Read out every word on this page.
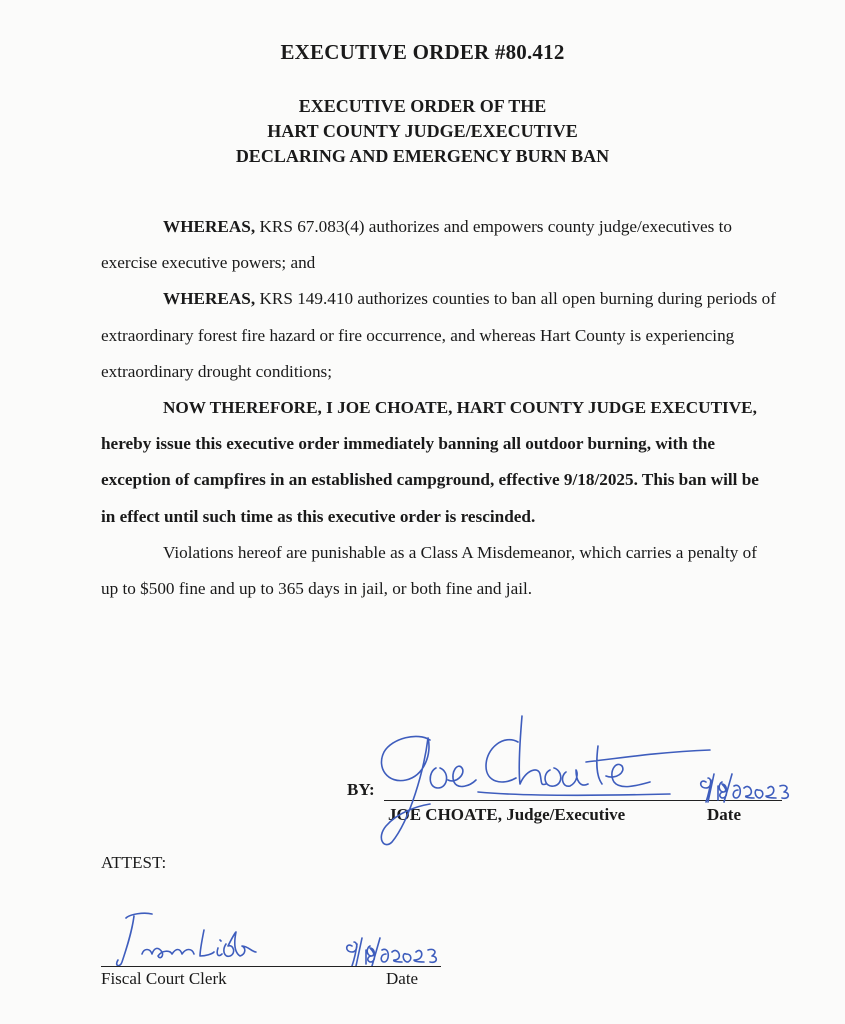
EXECUTIVE ORDER #80.412
EXECUTIVE ORDER OF THE
HART COUNTY JUDGE/EXECUTIVE
DECLARING AND EMERGENCY BURN BAN

WHEREAS, KRS 67.083(4) authorizes and empowers county judge/executives to exercise executive powers; and

WHEREAS, KRS 149.410 authorizes counties to ban all open burning during periods of extraordinary forest fire hazard or fire occurrence, and whereas Hart County is experiencing extraordinary drought conditions;

NOW THEREFORE, I JOE CHOATE, HART COUNTY JUDGE EXECUTIVE, hereby issue this executive order immediately banning all outdoor burning, with the exception of campfires in an established campground, effective 9/18/2025. This ban will be in effect until such time as this executive order is rescinded.

Violations hereof are punishable as a Class A Misdemeanor, which carries a penalty of up to $500 fine and up to 365 days in jail, or both fine and jail.

BY:
JOE CHOATE, Judge/Executive	Date
ATTEST:
Fiscal Court Clerk	Date
